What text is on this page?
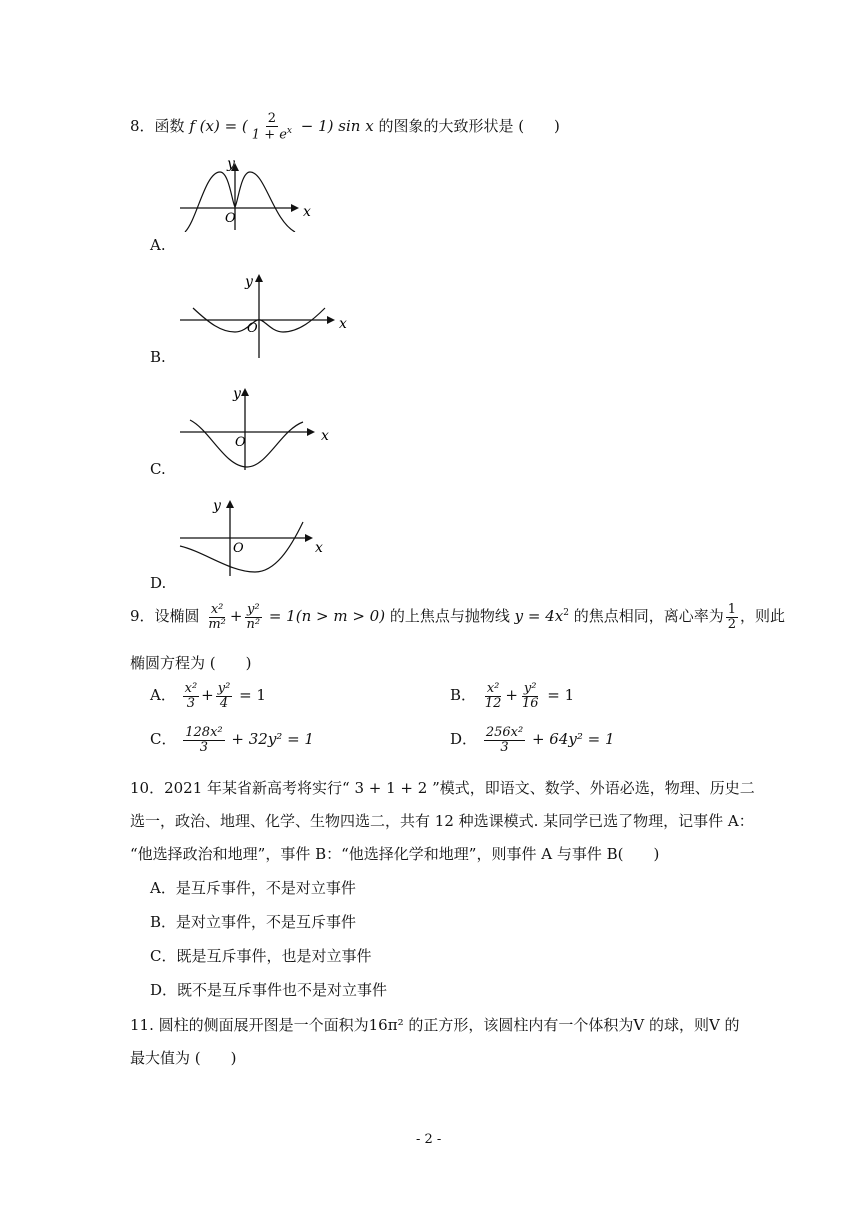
8．函数 f (x) = ( $\frac{2}{1 + e^x} - 1$) sin x 的图象的大致形状是 (　　)
y
x
O
A.
y
x
O
B.
y
x
O
C.
y
x
O
D.
9．设椭圆 $\frac{\text{x²}}{\text{m²}} + \frac{\text{y²}}{\text{n²}} = 1(n > m > 0)$ 的上焦点与抛物线 $y = 4x^2$ 的焦点相同，离心率为 $\frac{1}{2}$ ，则此
椭圆方程为 (　　)
A． $\frac{\text{x²}}{3} + \frac{\text{y²}}{4} = 1$	B． $\frac{\text{x²}}{12} + \frac{\text{y²}}{16} = 1$
C． $\frac{\text{128x²}}{3} + 32y^2 = 1$	D． $\frac{\text{256x²}}{3} + 64y^2 = 1$
10．2021 年某省新高考将实行“ 3 + 1 + 2 ”模式，即语文、数学、外语必选，物理、历史二
选一，政治、地理、化学、生物四选二，共有 12 种选课模式. 某同学已选了物理，记事件 A：
“他选择政治和地理”，事件 B：“他选择化学和地理”，则事件 A 与事件 B(　　)
A．是互斥事件，不是对立事件
B．是对立事件，不是互斥事件
C．既是互斥事件，也是对立事件
D．既不是互斥事件也不是对立事件
11. 圆柱的侧面展开图是一个面积为16π² 的正方形，该圆柱内有一个体积为V 的球，则V 的
最大值为 (　　)
- 2 -
